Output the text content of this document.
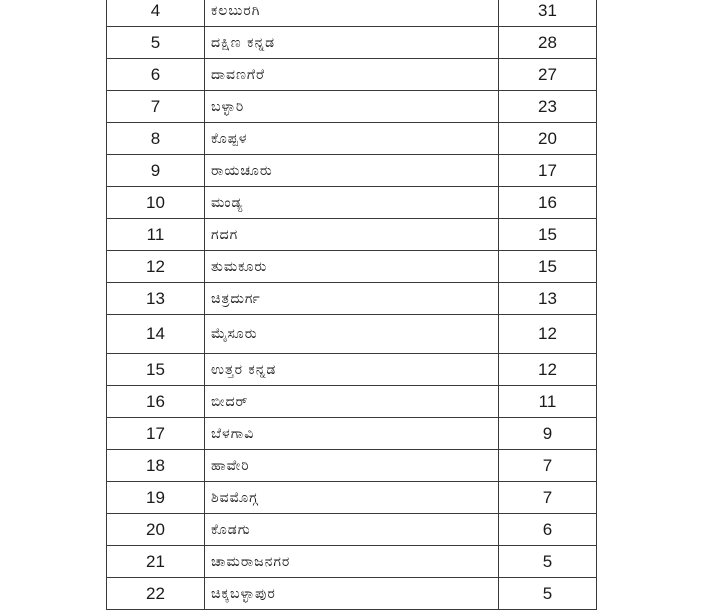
4	ಕಲಬುರಗಿ	31
5	ದಕ್ಷಿಣ ಕನ್ನಡ	28
6	ದಾವಣಗೆರೆ	27
7	ಬಳ್ಳಾರಿ	23
8	ಕೊಪ್ಪಳ	20
9	ರಾಯಚೂರು	17
10	ಮಂಡ್ಯ	16
11	ಗದಗ	15
12	ತುಮಕೂರು	15
13	ಚಿತ್ರದುರ್ಗ	13
14	ಮೈಸೂರು	12
15	ಉತ್ತರ ಕನ್ನಡ	12
16	ಬೀದರ್	11
17	ಬೆಳಗಾವಿ	9
18	ಹಾವೇರಿ	7
19	ಶಿವಮೊಗ್ಗ	7
20	ಕೊಡಗು	6
21	ಚಾಮರಾಜನಗರ	5
22	ಚಿಕ್ಕಬಳ್ಳಾಪುರ	5
